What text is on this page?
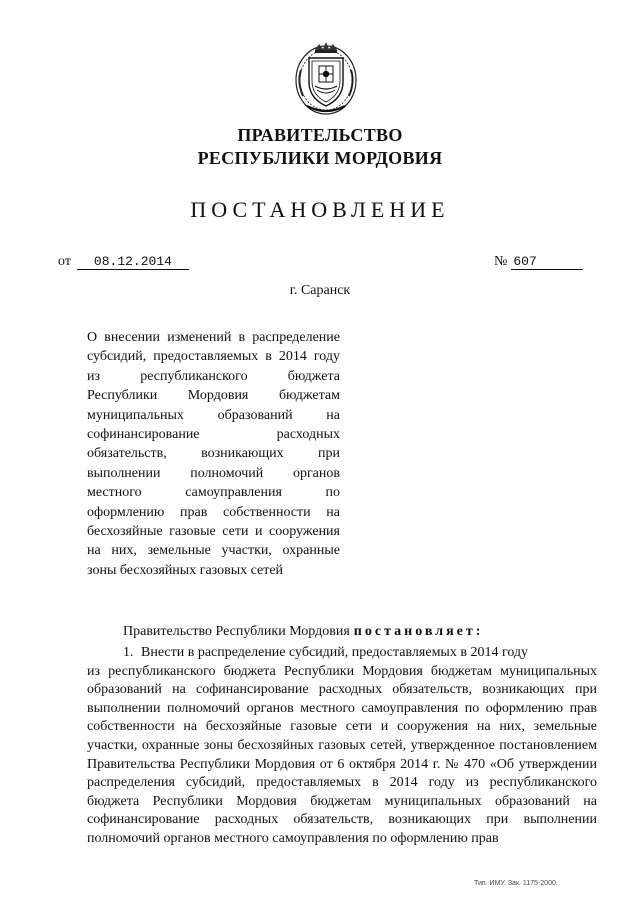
ПРАВИТЕЛЬСТВО
РЕСПУБЛИКИ МОРДОВИЯ
ПОСТАНОВЛЕНИЕ
от 08.12.2014	№ 607
г. Саранск
О внесении изменений в распределение субсидий, предоставляемых в 2014 году из республиканского бюджета Республики Мордовия бюджетам муниципальных образований на софинансирование расходных обязательств, возникающих при выполнении полномочий органов местного самоуправления по оформлению прав собственности на бесхозяйные газовые сети и сооружения на них, земельные участки, охранные зоны бесхозяйных газовых сетей
Правительство Республики Мордовия постановляет:
1. Внести в распределение субсидий, предоставляемых в 2014 году
из республиканского бюджета Республики Мордовия бюджетам муниципальных образований на софинансирование расходных обязательств, возникающих при выполнении полномочий органов местного самоуправления по оформлению прав собственности на бесхозяйные газовые сети и сооружения на них, земельные участки, охранные зоны бесхозяйных газовых сетей, утвержденное постановлением Правительства Республики Мордовия от 6 октября 2014 г. № 470 «Об утверждении распределения субсидий, предоставляемых в 2014 году из республиканского бюджета Республики Мордовия бюджетам муниципальных образований на софинансирование расходных обязательств, возникающих при выполнении полномочий органов местного самоуправления по оформлению прав
Тип. ИМУ. Зак. 1175-2000.
